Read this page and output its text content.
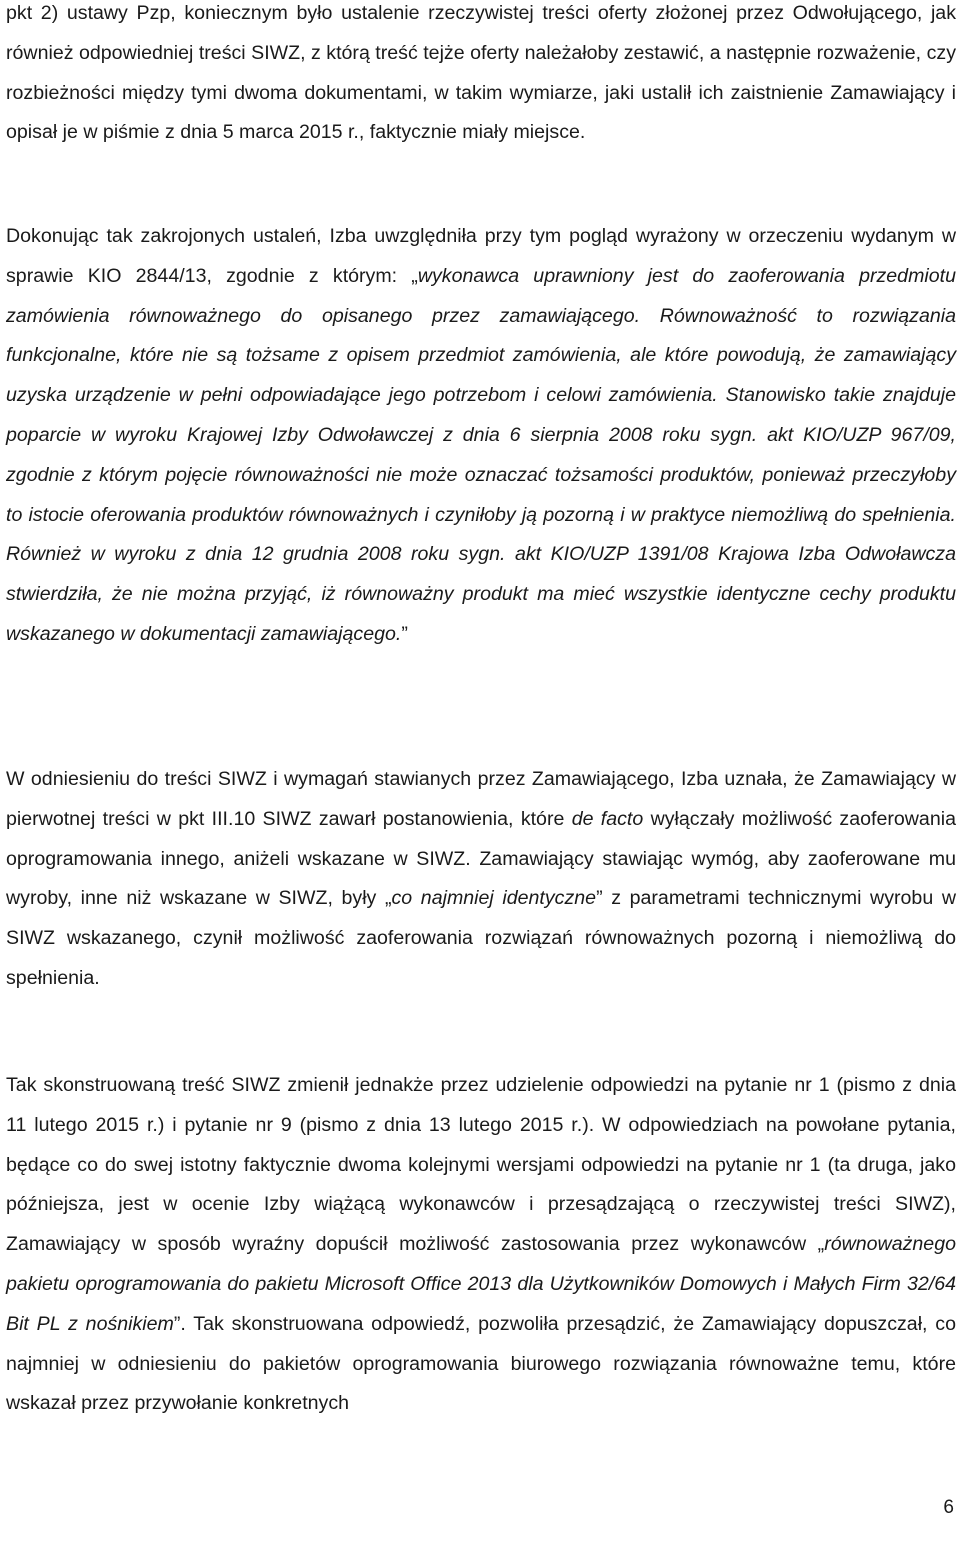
pkt 2) ustawy Pzp, koniecznym było ustalenie rzeczywistej treści oferty złożonej przez Odwołującego, jak również odpowiedniej treści SIWZ, z którą treść tejże oferty należałoby zestawić, a następnie rozważenie, czy rozbieżności między tymi dwoma dokumentami, w takim wymiarze, jaki ustalił ich zaistnienie Zamawiający i opisał je w piśmie z dnia 5 marca 2015 r., faktycznie miały miejsce.

Dokonując tak zakrojonych ustaleń, Izba uwzględniła przy tym pogląd wyrażony w orzeczeniu wydanym w sprawie KIO 2844/13, zgodnie z którym: „wykonawca uprawniony jest do zaoferowania przedmiotu zamówienia równoważnego do opisanego przez zamawiającego. Równoważność to rozwiązania funkcjonalne, które nie są tożsame z opisem przedmiot zamówienia, ale które powodują, że zamawiający uzyska urządzenie w pełni odpowiadające jego potrzebom i celowi zamówienia. Stanowisko takie znajduje poparcie w wyroku Krajowej Izby Odwoławczej z dnia 6 sierpnia 2008 roku sygn. akt KIO/UZP 967/09, zgodnie z którym pojęcie równoważności nie może oznaczać tożsamości produktów, ponieważ przeczyłoby to istocie oferowania produktów równoważnych i czyniłoby ją pozorną i w praktyce niemożliwą do spełnienia. Również w wyroku z dnia 12 grudnia 2008 roku sygn. akt KIO/UZP 1391/08 Krajowa Izba Odwoławcza stwierdziła, że nie można przyjąć, iż równoważny produkt ma mieć wszystkie identyczne cechy produktu wskazanego w dokumentacji zamawiającego.”

W odniesieniu do treści SIWZ i wymagań stawianych przez Zamawiającego, Izba uznała, że Zamawiający w pierwotnej treści w pkt III.10 SIWZ zawarł postanowienia, które de facto wyłączały możliwość zaoferowania oprogramowania innego, aniżeli wskazane w SIWZ. Zamawiający stawiając wymóg, aby zaoferowane mu wyroby, inne niż wskazane w SIWZ, były „co najmniej identyczne” z parametrami technicznymi wyrobu w SIWZ wskazanego, czynił możliwość zaoferowania rozwiązań równoważnych pozorną i niemożliwą do spełnienia.

Tak skonstruowaną treść SIWZ zmienił jednakże przez udzielenie odpowiedzi na pytanie nr 1 (pismo z dnia 11 lutego 2015 r.) i pytanie nr 9 (pismo z dnia 13 lutego 2015 r.). W odpowiedziach na powołane pytania, będące co do swej istotny faktycznie dwoma kolejnymi wersjami odpowiedzi na pytanie nr 1 (ta druga, jako późniejsza, jest w ocenie Izby wiążącą wykonawców i przesądzającą o rzeczywistej treści SIWZ), Zamawiający w sposób wyraźny dopuścił możliwość zastosowania przez wykonawców „równoważnego pakietu oprogramowania do pakietu Microsoft Office 2013 dla Użytkowników Domowych i Małych Firm 32/64 Bit PL z nośnikiem”. Tak skonstruowana odpowiedź, pozwoliła przesądzić, że Zamawiający dopuszczał, co najmniej w odniesieniu do pakietów oprogramowania biurowego rozwiązania równoważne temu, które wskazał przez przywołanie konkretnych

6
